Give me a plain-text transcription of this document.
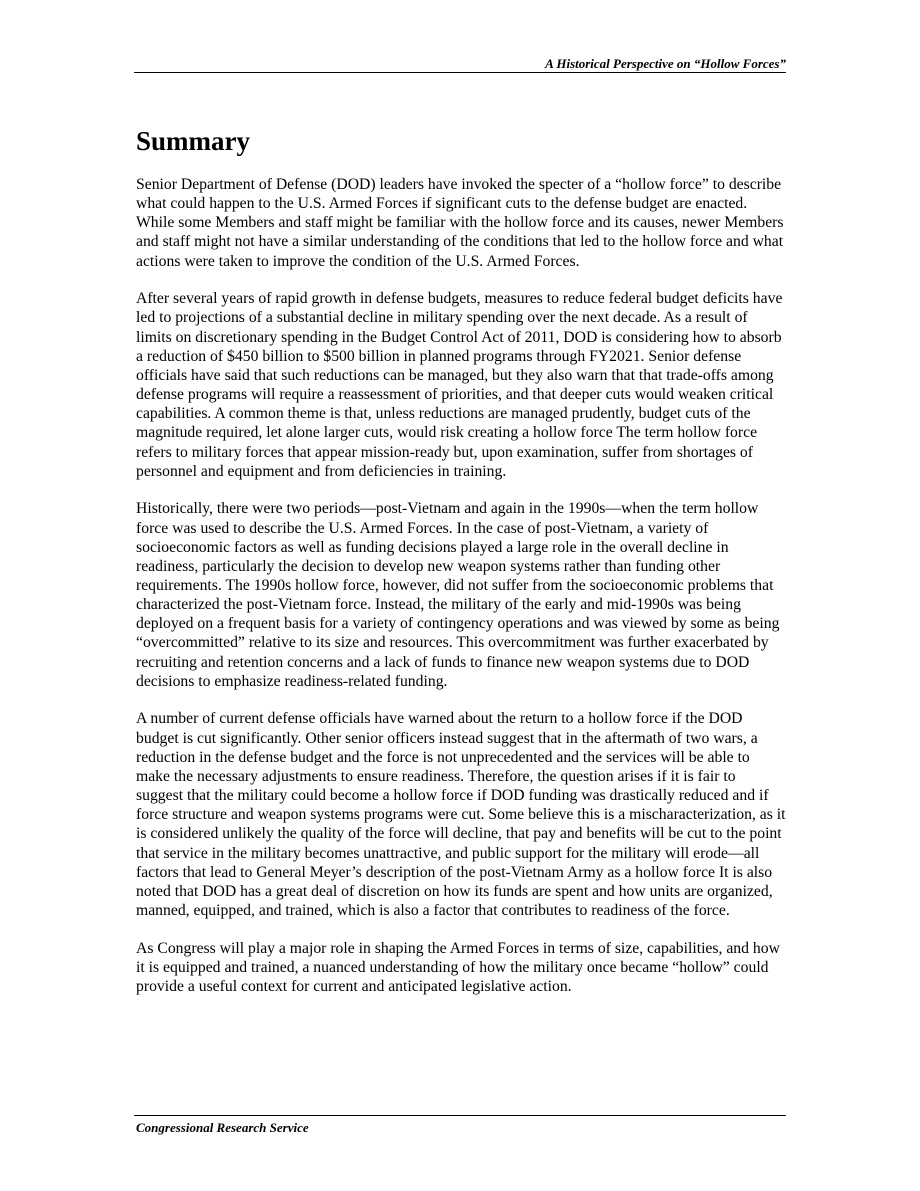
A Historical Perspective on “Hollow Forces”
Summary

Senior Department of Defense (DOD) leaders have invoked the specter of a “hollow force” to describe what could happen to the U.S. Armed Forces if significant cuts to the defense budget are enacted. While some Members and staff might be familiar with the hollow force and its causes, newer Members and staff might not have a similar understanding of the conditions that led to the hollow force and what actions were taken to improve the condition of the U.S. Armed Forces.

After several years of rapid growth in defense budgets, measures to reduce federal budget deficits have led to projections of a substantial decline in military spending over the next decade. As a result of limits on discretionary spending in the Budget Control Act of 2011, DOD is considering how to absorb a reduction of $450 billion to $500 billion in planned programs through FY2021. Senior defense officials have said that such reductions can be managed, but they also warn that that trade-offs among defense programs will require a reassessment of priorities, and that deeper cuts would weaken critical capabilities. A common theme is that, unless reductions are managed prudently, budget cuts of the magnitude required, let alone larger cuts, would risk creating a hollow force The term hollow force refers to military forces that appear mission-ready but, upon examination, suffer from shortages of personnel and equipment and from deficiencies in training.

Historically, there were two periods—post-Vietnam and again in the 1990s—when the term hollow force was used to describe the U.S. Armed Forces. In the case of post-Vietnam, a variety of socioeconomic factors as well as funding decisions played a large role in the overall decline in readiness, particularly the decision to develop new weapon systems rather than funding other requirements. The 1990s hollow force, however, did not suffer from the socioeconomic problems that characterized the post-Vietnam force. Instead, the military of the early and mid-1990s was being deployed on a frequent basis for a variety of contingency operations and was viewed by some as being “overcommitted” relative to its size and resources. This overcommitment was further exacerbated by recruiting and retention concerns and a lack of funds to finance new weapon systems due to DOD decisions to emphasize readiness-related funding.

A number of current defense officials have warned about the return to a hollow force if the DOD budget is cut significantly. Other senior officers instead suggest that in the aftermath of two wars, a reduction in the defense budget and the force is not unprecedented and the services will be able to make the necessary adjustments to ensure readiness. Therefore, the question arises if it is fair to suggest that the military could become a hollow force if DOD funding was drastically reduced and if force structure and weapon systems programs were cut. Some believe this is a mischaracterization, as it is considered unlikely the quality of the force will decline, that pay and benefits will be cut to the point that service in the military becomes unattractive, and public support for the military will erode—all factors that lead to General Meyer’s description of the post-Vietnam Army as a hollow force It is also noted that DOD has a great deal of discretion on how its funds are spent and how units are organized, manned, equipped, and trained, which is also a factor that contributes to readiness of the force.

As Congress will play a major role in shaping the Armed Forces in terms of size, capabilities, and how it is equipped and trained, a nuanced understanding of how the military once became “hollow” could provide a useful context for current and anticipated legislative action.

Congressional Research Service
